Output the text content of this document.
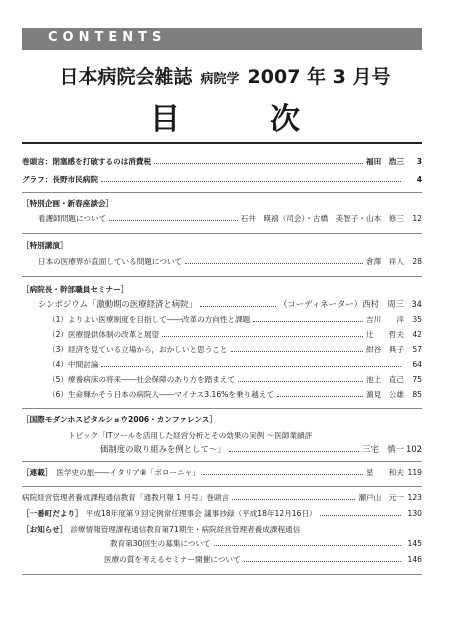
CONTENTS
日本病院会雑誌 病院学 2007 年 3 月号
目　次
巻頭言：閉塞感を打破するのは消費税	福田　浩三	3
グラフ：長野市民病院	4
［特別企画・新春座談会］
看護師問題について	石井　暎禧（司会）・古橋　美智子・山本　修三	12
［特別講演］
日本の医療界が直面している問題について	倉澤　祥人	28
［病院長・幹部職員セミナー］
シンポジウム「激動期の医療経済と病院」	（コーディネーター） 西村　周三 34
（1）よりよい医療制度を目指して――改革の方向性と課題	吉川　　洋	35
（2）医療提供体制の改革と展望	辻　　哲夫	42
（3）経済を見ている立場から，おかしいと思うこと	紺谷　典子	57
（4）中間討論	64
（5）療養病床の将来――社会保障のあり方を踏まえて	池上　直己	75
（6）生命輝かそう日本の病院人――マイナス3.16%を乗り越えて	濵見　公雄	85
［国際モダンホスピタルショウ2006・カンファレンス］
トピック「ITツールを活用した経営分析とその効果の実例 ～医師業績評
価制度の取り組みを例として～」	三宅　慎一 102
［連載］ 医学史の旅――イタリア⑧「ボローニャ」	星　　和夫 119
病院経営管理者養成課程通信教育「通教月報 1 月号」巻頭言	瀬戸山　元一 123
［一番町だより］ 平成18年度第９回定例常任理事会 議事抄録（平成18年12月16日）	130
［お知らせ］ 診療情報管理課程通信教育第71期生・病院経営管理者養成課程通信
教育第30回生の募集について	145
医療の質を考えるセミナー開催について	146
